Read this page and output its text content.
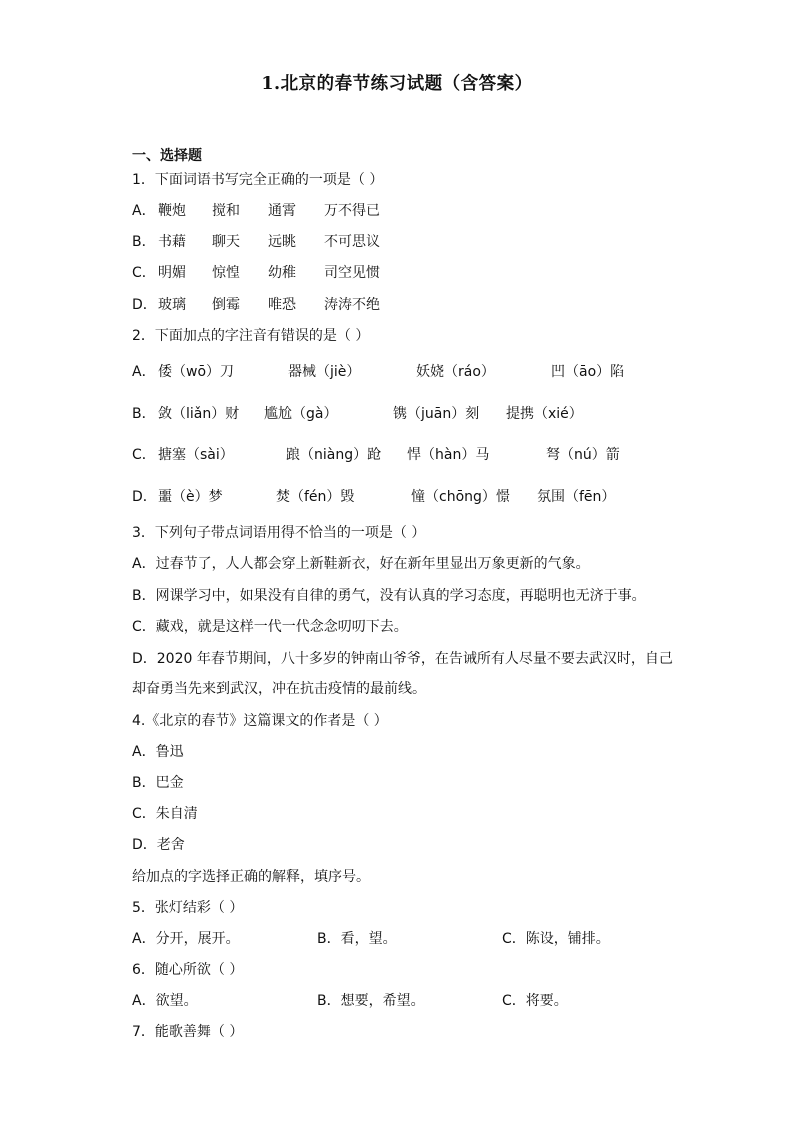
1.北京的春节练习试题（含答案）
一、选择题
1．下面词语书写完全正确的一项是（ ）
A． 鞭炮 搅和 通霄 万不得已
B． 书藉 聊天 远眺 不可思议
C． 明媚 惊惶 幼稚 司空见惯
D． 玻璃 倒霉 唯恐 涛涛不绝
2．下面加点的字注音有错误的是（ ）
A． 倭（wō）刀	器械（jiè）	妖娆（ráo）	凹（āo）陷
B． 敛（liǎn）财 尴尬（gà）	镌（juān）刻 提携（xié）
C． 搪塞（sài）	踉（niàng）跄 悍（hàn）马	弩（nú）箭
D． 噩（è）梦	焚（fén）毁	憧（chōng）憬 氛围（fēn）
3．下列句子带点词语用得不恰当的一项是（ ）
A．过春节了，人人都会穿上新鞋新衣，好在新年里显出万象更新的气象。
B．网课学习中，如果没有自律的勇气，没有认真的学习态度，再聪明也无济于事。
C．藏戏，就是这样一代一代念念叨叨下去。
D．2020 年春节期间，八十多岁的钟南山爷爷，在告诫所有人尽量不要去武汉时，自己
却奋勇当先来到武汉，冲在抗击疫情的最前线。
4.《北京的春节》这篇课文的作者是（ ）
A．鲁迅
B．巴金
C．朱自清
D．老舍
给加点的字选择正确的解释，填序号。
5．张灯结彩（ ）
A．分开，展开。	B．看，望。	C．陈设，铺排。
6．随心所欲（ ）
A．欲望。	B．想要，希望。	C．将要。
7．能歌善舞（ ）
